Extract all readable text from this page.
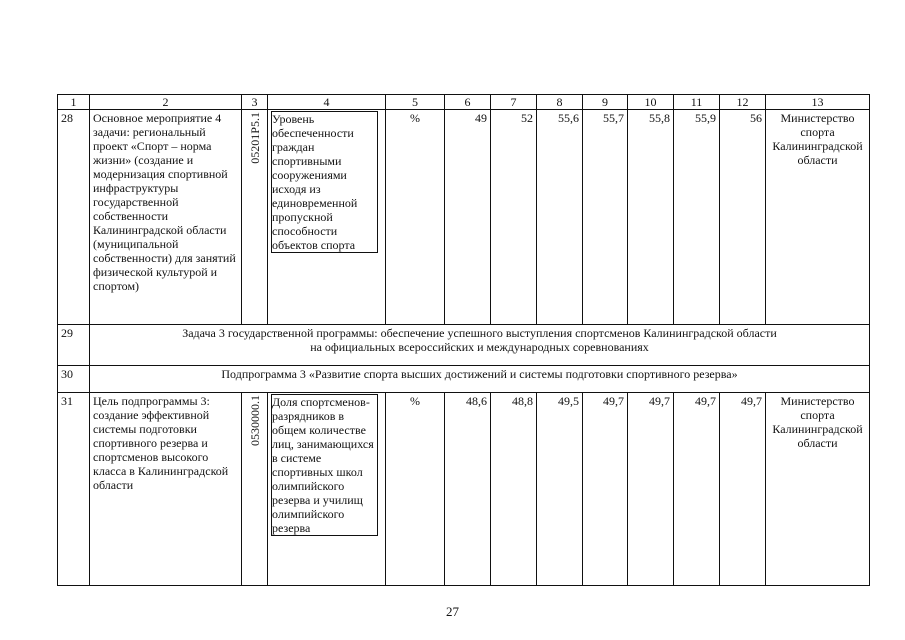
1	2	3	4	5	6	7	8	9	10	11	12	13
28	Основное мероприятие 4 задачи: региональный проект «Спорт – норма жизни» (создание и модернизация спортивной инфраструктуры государственной собственности Калининградской области (муниципальной собственности) для занятий физической культурой и спортом)	05201P5.1	Уровень обеспеченности граждан спортивными сооружениями исходя из единовременной пропускной способности объектов спорта	%	49	52	55,6	55,7	55,8	55,9	56	Министерство спорта Калининградской области
29	Задача 3 государственной программы: обеспечение успешного выступления спортсменов Калининградской области
на официальных всероссийских и международных соревнованиях											

30	Подпрограмма 3 «Развитие спорта высших достижений и системы подготовки спортивного резерва»											
31	Цель подпрограммы 3: создание эффективной системы подготовки спортивного резерва и спортсменов высокого класса в Калининградской области	0530000.1	Доля спортсменов-разрядников в общем количестве лиц, занимающихся в системе спортивных школ олимпийского резерва и училищ олимпийского резерва	%	48,6	48,8	49,5	49,7	49,7	49,7	49,7	Министерство спорта Калининградской области
27
